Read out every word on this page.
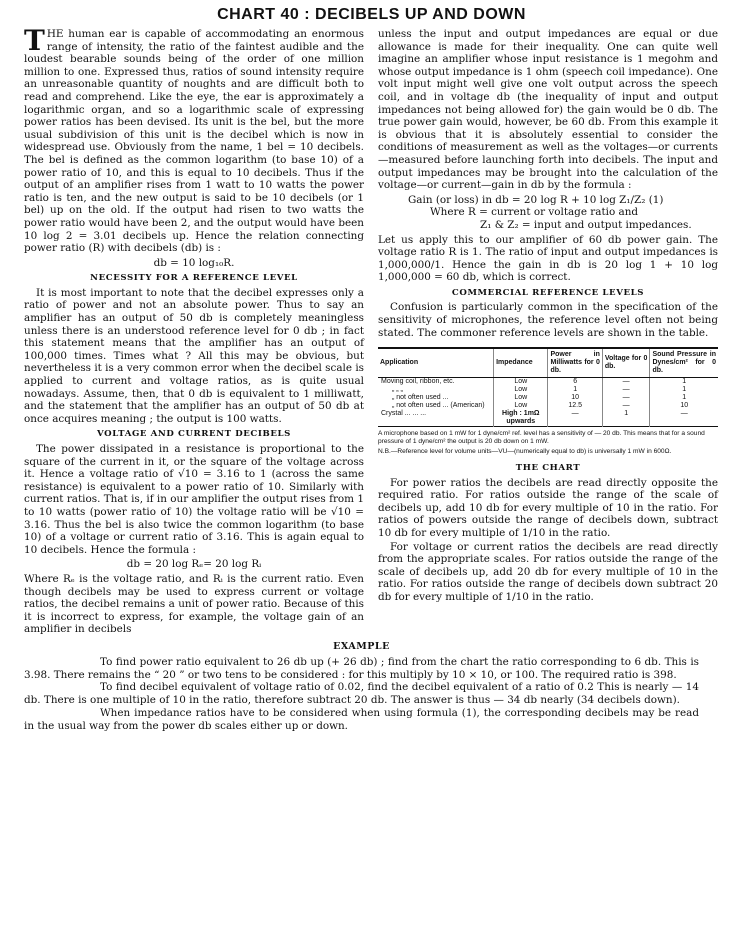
CHART 40 : DECIBELS UP AND DOWN

THE human ear is capable of accommodating an enormous range of intensity, the ratio of the faintest audible and the loudest bearable sounds being of the order of one million million to one. Expressed thus, ratios of sound intensity require an unreasonable quantity of noughts and are difficult both to read and comprehend. Like the eye, the ear is approximately a logarithmic organ, and so a logarithmic scale of expressing power ratios has been devised. Its unit is the bel, but the more usual subdivision of this unit is the decibel which is now in widespread use. Obviously from the name, 1 bel = 10 decibels. The bel is defined as the common logarithm (to base 10) of a power ratio of 10, and this is equal to 10 decibels. Thus if the output of an amplifier rises from 1 watt to 10 watts the power ratio is ten, and the new output is said to be 10 decibels (or 1 bel) up on the old. If the output had risen to two watts the power ratio would have been 2, and the output would have been 10 log 2 = 3.01 decibels up. Hence the relation connecting power ratio (R) with decibels (db) is :

db = 10 log₁₀R.
NECESSITY FOR A REFERENCE LEVEL

It is most important to note that the decibel expresses only a ratio of power and not an absolute power. Thus to say an amplifier has an output of 50 db is completely meaningless unless there is an understood reference level for 0 db ; in fact this statement means that the amplifier has an output of 100,000 times. Times what ? All this may be obvious, but nevertheless it is a very common error when the decibel scale is applied to current and voltage ratios, as is quite usual nowadays. Assume, then, that 0 db is equivalent to 1 milliwatt, and the statement that the amplifier has an output of 50 db at once acquires meaning ; the output is 100 watts.

VOLTAGE AND CURRENT DECIBELS

The power dissipated in a resistance is proportional to the square of the current in it, or the square of the voltage across it. Hence a voltage ratio of √10 = 3.16 to 1 (across the same resistance) is equivalent to a power ratio of 10. Similarly with current ratios. That is, if in our amplifier the output rises from 1 to 10 watts (power ratio of 10) the voltage ratio will be √10 = 3.16. Thus the bel is also twice the common logarithm (to base 10) of a voltage or current ratio of 3.16. This is again equal to 10 decibels. Hence the formula :

db = 20 log Rₑ= 20 log Rᵢ

Where Rₑ is the voltage ratio, and Rᵢ is the current ratio. Even though decibels may be used to express current or voltage ratios, the decibel remains a unit of power ratio. Because of this it is incorrect to express, for example, the voltage gain of an amplifier in decibels

unless the input and output impedances are equal or due allowance is made for their inequality. One can quite well imagine an amplifier whose input resistance is 1 megohm and whose output impedance is 1 ohm (speech coil impedance). One volt input might well give one volt output across the speech coil, and in voltage db (the inequality of input and output impedances not being allowed for) the gain would be 0 db. The true power gain would, however, be 60 db. From this example it is obvious that it is absolutely essential to consider the conditions of measurement as well as the voltages—or currents—measured before launching forth into decibels. The input and output impedances may be brought into the calculation of the voltage—or current—gain in db by the formula :

Gain (or loss) in db = 20 log R + 10 log Z₁/Z₂ (1)
Where R = current or voltage ratio and
Z₁ & Z₂ = input and output impedances.

Let us apply this to our amplifier of 60 db power gain. The voltage ratio R is 1. The ratio of input and output impedances is 1,000,000/1. Hence the gain in db is 20 log 1 + 10 log 1,000,000 = 60 db, which is correct.

COMMERCIAL REFERENCE LEVELS

Confusion is particularly common in the specification of the sensitivity of microphones, the reference level often not being stated. The commoner reference levels are shown in the table.

Application	Impedance	Power in Milliwatts for 0 db.	Voltage for 0 db.	Sound Pressure in Dynes/cm² for 0 db.
Moving coil, ribbon, etc.	Low	6	—	1
„ „ „	Low	1	—	1
„ not often used ...	Low	10	—	1
„ not often used ... (American)	Low	12.5	—	10
Crystal ... ... ...	High : 1mΩ upwards	—	1	—
A microphone based on 1 mW for 1 dyne/cm² ref. level has a sensitivity of — 20 db. This means that for a sound pressure of 1 dyne/cm² the output is 20 db down on 1 mW.
N.B.—Reference level for volume units—VU—(numerically equal to db) is universally 1 mW in 600Ω.
THE CHART

For power ratios the decibels are read directly opposite the required ratio. For ratios outside the range of the scale of decibels up, add 10 db for every multiple of 10 in the ratio. For ratios of powers outside the range of decibels down, subtract 10 db for every multiple of 1/10 in the ratio.

For voltage or current ratios the decibels are read directly from the appropriate scales. For ratios outside the range of the scale of decibels up, add 20 db for every multiple of 10 in the ratio. For ratios outside the range of decibels down subtract 20 db for every multiple of 1/10 in the ratio.

EXAMPLE

To find power ratio equivalent to 26 db up (+ 26 db) ; find from the chart the ratio corresponding to 6 db. This is 3.98. There remains the “ 20 ” or two tens to be considered : for this multiply by 10 × 10, or 100. The required ratio is 398.

To find decibel equivalent of voltage ratio of 0.02, find the decibel equivalent of a ratio of 0.2 This is nearly — 14 db. There is one multiple of 10 in the ratio, therefore subtract 20 db. The answer is thus — 34 db nearly (34 decibels down).

When impedance ratios have to be considered when using formula (1), the corresponding decibels may be read in the usual way from the power db scales either up or down.
